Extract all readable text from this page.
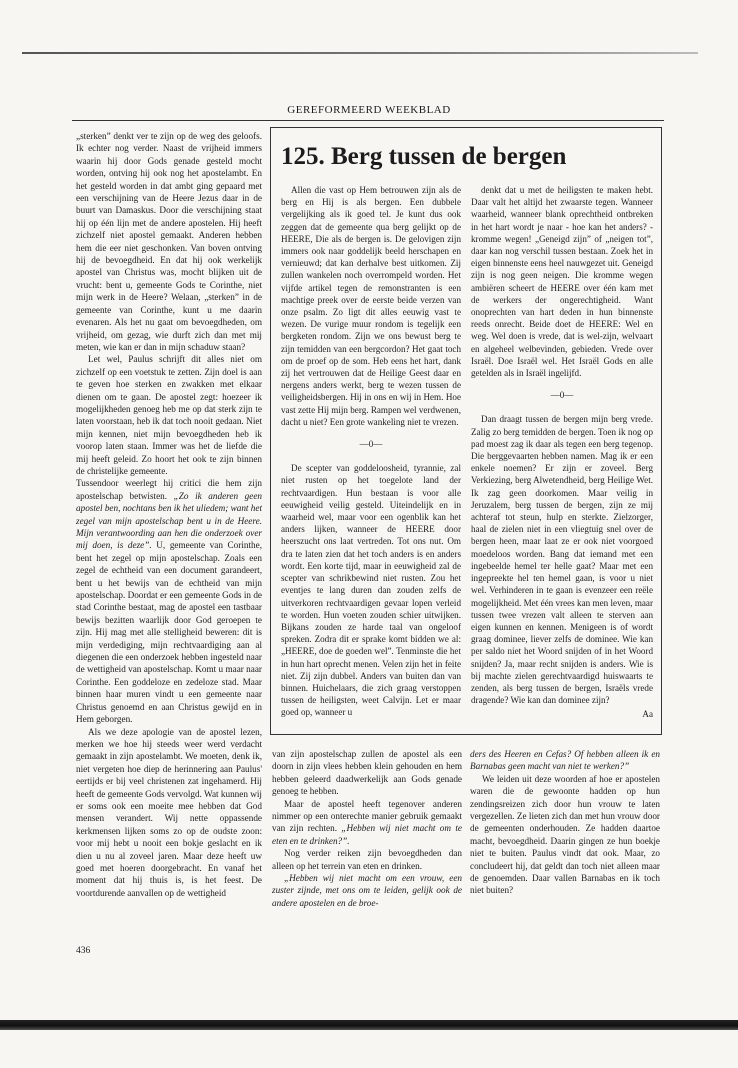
GEREFORMEERD WEEKBLAD

„sterken” denkt ver te zijn op de weg des geloofs. Ik echter nog verder. Naast de vrijheid immers waarin hij door Gods genade gesteld mocht worden, ontving hij ook nog het apostelambt. En het gesteld worden in dat ambt ging gepaard met een verschijning van de Heere Jezus daar in de buurt van Damaskus. Door die verschijning staat hij op één lijn met de andere apostelen. Hij heeft zichzelf niet apostel gemaakt. Anderen hebben hem die eer niet geschonken. Van boven ontving hij de bevoegdheid. En dat hij ook werkelijk apostel van Christus was, mocht blijken uit de vrucht: bent u, gemeente Gods te Corinthe, niet mijn werk in de Heere? Welaan, „sterken” in de gemeente van Corinthe, kunt u me daarin evenaren. Als het nu gaat om bevoegdheden, om vrijheid, om gezag, wie durft zich dan met mij meten, wie kan er dan in mijn schaduw staan?

Let wel, Paulus schrijft dit alles niet om zichzelf op een voetstuk te zetten. Zijn doel is aan te geven hoe sterken en zwakken met elkaar dienen om te gaan. De apostel zegt: hoezeer ik mogelijkheden genoeg heb me op dat sterk zijn te laten voorstaan, heb ik dat toch nooit gedaan. Niet mijn kennen, niet mijn bevoegdheden heb ik voorop laten staan. Immer was het de liefde die mij heeft geleid. Zo hoort het ook te zijn binnen de christelijke gemeente.

Tussendoor weerlegt hij critici die hem zijn apostelschap betwisten. „Zo ik anderen geen apostel ben, nochtans ben ik het uliedem; want het zegel van mijn apostelschap bent u in de Heere. Mijn verantwoording aan hen die onderzoek over mij doen, is deze”. U, gemeente van Corinthe, bent het zegel op mijn apostelschap. Zoals een zegel de echtheid van een document garandeert, bent u het bewijs van de echtheid van mijn apostelschap. Doordat er een gemeente Gods in de stad Corinthe bestaat, mag de apostel een tastbaar bewijs bezitten waarlijk door God geroepen te zijn. Hij mag met alle stelligheid beweren: dit is mijn verdediging, mijn rechtvaardiging aan al diegenen die een onderzoek hebben ingesteld naar de wettigheid van apostelschap. Komt u maar naar Corinthe. Een goddeloze en zedeloze stad. Maar binnen haar muren vindt u een gemeente naar Christus genoemd en aan Christus gewijd en in Hem geborgen.

Als we deze apologie van de apostel lezen, merken we hoe hij steeds weer werd verdacht gemaakt in zijn apostelambt. We moeten, denk ik, niet vergeten hoe diep de herinnering aan Paulus' eertijds er bij veel christenen zat ingehamerd. Hij heeft de gemeente Gods vervolgd. Wat kunnen wij er soms ook een moeite mee hebben dat God mensen verandert. Wij nette oppassende kerkmensen lijken soms zo op de oudste zoon: voor mij hebt u nooit een bokje geslacht en ik dien u nu al zoveel jaren. Maar deze heeft uw goed met hoeren doorgebracht. En vanaf het moment dat hij thuis is, is het feest. De voortdurende aanvallen op de wettigheid

125. Berg tussen de bergen

Allen die vast op Hem betrouwen zijn als de berg en Hij is als bergen. Een dubbele vergelijking als ik goed tel. Je kunt dus ook zeggen dat de gemeente qua berg gelijkt op de HEERE, Die als de bergen is. De gelovigen zijn immers ook naar goddelijk beeld herschapen en vernieuwd; dat kan derhalve best uitkomen. Zij zullen wankelen noch overrompeld worden. Het vijfde artikel tegen de remonstranten is een machtige preek over de eerste beide verzen van onze psalm. Zo ligt dit alles eeuwig vast te wezen. De vurige muur rondom is tegelijk een bergketen rondom. Zijn we ons bewust berg te zijn temidden van een bergcordon? Het gaat toch om de proef op de som. Heb eens het hart, dank zij het vertrouwen dat de Heilige Geest daar en nergens anders werkt, berg te wezen tussen de veiligheidsbergen. Hij in ons en wij in Hem. Hoe vast zette Hij mijn berg. Rampen wel verdwenen, dacht u niet? Een grote wankeling niet te vrezen.

—0—

De scepter van goddeloosheid, tyrannie, zal niet rusten op het toegelote land der rechtvaardigen. Hun bestaan is voor alle eeuwigheid veilig gesteld. Uiteindelijk en in waarheid wel, maar voor een ogenblik kan het anders lijken, wanneer de HEERE door heerszucht ons laat vertreden. Tot ons nut. Om dra te laten zien dat het toch anders is en anders wordt. Een korte tijd, maar in eeuwigheid zal de scepter van schrikbewind niet rusten. Zou het eventjes te lang duren dan zouden zelfs de uitverkoren rechtvaardigen gevaar lopen verleid te worden. Hun voeten zouden schier uitwijken. Bijkans zouden ze harde taal van ongeloof spreken. Zodra dit er sprake komt bidden we al: „HEERE, doe de goeden wel”. Tenminste die het in hun hart oprecht menen. Velen zijn het in feite niet. Zij zijn dubbel. Anders van buiten dan van binnen. Huichelaars, die zich graag verstoppen tussen de heiligsten, weet Calvijn. Let er maar goed op, wanneer u

denkt dat u met de heiligsten te maken hebt. Daar valt het altijd het zwaarste tegen. Wanneer waarheid, wanneer blank oprechtheid ontbreken in het hart wordt je naar - hoe kan het anders? - kromme wegen! „Geneigd zijn” of „neigen tot”, daar kan nog verschil tussen bestaan. Zoek het in eigen binnenste eens heel nauwgezet uit. Geneigd zijn is nog geen neigen. Die kromme wegen ambiëren scheert de HEERE over één kam met de werkers der ongerechtigheid. Want onoprechten van hart deden in hun binnenste reeds onrecht. Beide doet de HEERE: Wel en weg. Wel doen is vrede, dat is wel-zijn, welvaart en algeheel welbevinden, gebieden. Vrede over Israël. Doe Israël wel. Het Israël Gods en alle getelden als in Israël ingelijfd.

—0—

Dan draagt tussen de bergen mijn berg vrede. Zalig zo berg temidden de bergen. Toen ik nog op pad moest zag ik daar als tegen een berg tegenop. Die berggevaarten hebben namen. Mag ik er een enkele noemen? Er zijn er zoveel. Berg Verkiezing, berg Alwetendheid, berg Heilige Wet. Ik zag geen doorkomen. Maar veilig in Jeruzalem, berg tussen de bergen, zijn ze mij achteraf tot steun, hulp en sterkte. Zielzorger, haal de zielen niet in een vliegtuig snel over de bergen heen, maar laat ze er ook niet voorgoed moedeloos worden. Bang dat iemand met een ingebeelde hemel ter helle gaat? Maar met een ingepreekte hel ten hemel gaan, is voor u niet wel. Verhinderen in te gaan is evenzeer een reële mogelijkheid. Met één vrees kan men leven, maar tussen twee vrezen valt alleen te sterven aan eigen kunnen en kennen. Menigeen is of wordt graag dominee, liever zelfs de dominee. Wie kan per saldo niet het Woord snijden of in het Woord snijden? Ja, maar recht snijden is anders. Wie is bij machte zielen gerechtvaardigd huiswaarts te zenden, als berg tussen de bergen, Israëls vrede dragende? Wie kan dan dominee zijn?

Aa

van zijn apostelschap zullen de apostel als een doorn in zijn vlees hebben klein gehouden en hem hebben geleerd daadwerkelijk aan Gods genade genoeg te hebben.

Maar de apostel heeft tegenover anderen nimmer op een onterechte manier gebruik gemaakt van zijn rechten. „Hebben wij niet macht om te eten en te drinken?”.

Nog verder reiken zijn bevoegdheden dan alleen op het terrein van eten en drinken.

„Hebben wij niet macht om een vrouw, een zuster zijnde, met ons om te leiden, gelijk ook de andere apostelen en de broe-

ders des Heeren en Cefas? Of hebben alleen ik en Barnabas geen macht van niet te werken?”

We leiden uit deze woorden af hoe er apostelen waren die de gewoonte hadden op hun zendingsreizen zich door hun vrouw te laten vergezellen. Ze lieten zich dan met hun vrouw door de gemeenten onderhouden. Ze hadden daartoe macht, bevoegdheid. Daarin gingen ze hun boekje niet te buiten. Paulus vindt dat ook. Maar, zo concludeert hij, dat geldt dan toch niet alleen maar de genoemden. Daar vallen Barnabas en ik toch niet buiten?

436
